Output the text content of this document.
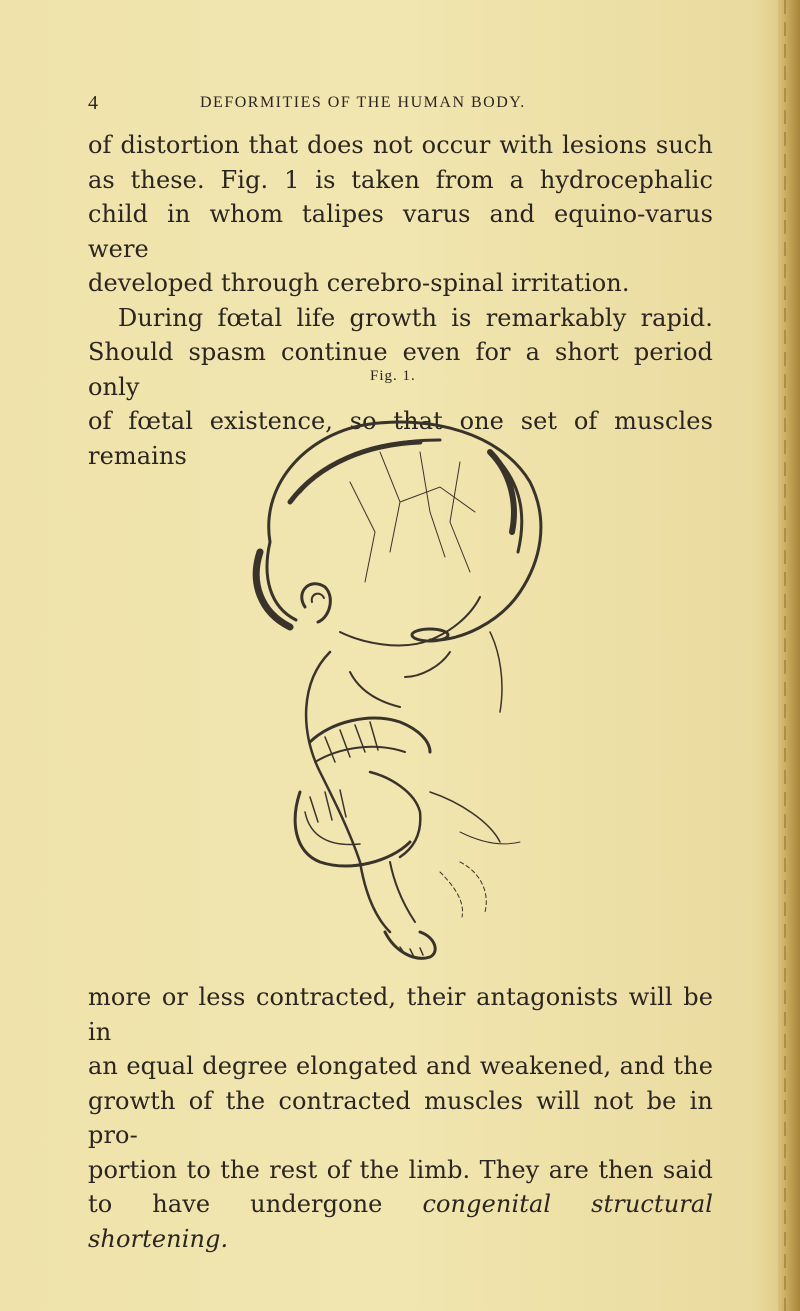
4	DEFORMITIES OF THE HUMAN BODY.

of distortion that does not occur with lesions such
as these. Fig. 1 is taken from a hydrocephalic
child in whom talipes varus and equino-varus were
developed through cerebro-spinal irritation.

During fœtal life growth is remarkably rapid.
Should spasm continue even for a short period only
of fœtal existence, so that one set of muscles remains

Fig. 1.

more or less contracted, their antagonists will be in
an equal degree elongated and weakened, and the
growth of the contracted muscles will not be in pro-
portion to the rest of the limb. They are then said
to have undergone congenital structural shortening.
